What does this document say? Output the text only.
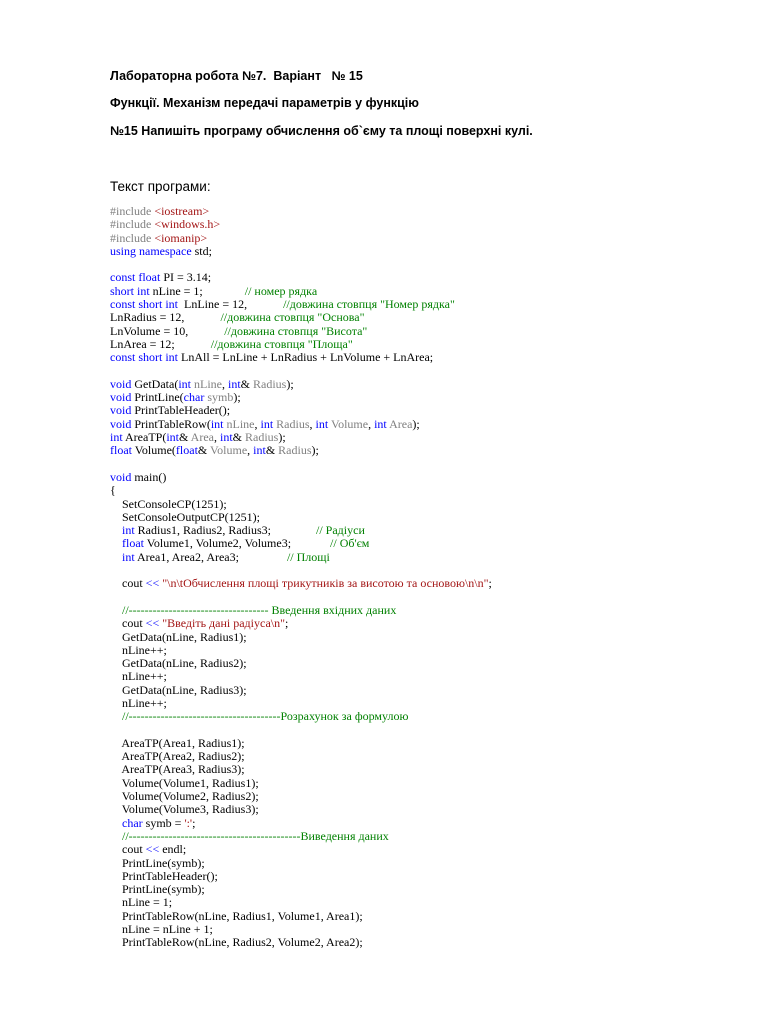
Лабораторна робота №7.  Варіант   № 15
Функції. Механізм передачі параметрів у функцію
№15 Напишіть програму обчислення об`єму та площі поверхні кулі.
Текст програми:
#include <iostream>
#include <windows.h>
#include <iomanip>
using namespace std;
const float PI = 3.14;
short int nLine = 1;              // номер рядка
const short int  LnLine = 12,            //довжина стовпця "Номер рядка"
LnRadius = 12,            //довжина стовпця "Основа"
LnVolume = 10,            //довжина стовпця "Висота"
LnArea = 12;            //довжина стовпця "Площа"
const short int LnAll = LnLine + LnRadius + LnVolume + LnArea;
void GetData(int nLine, int& Radius);
void PrintLine(char symb);
void PrintTableHeader();
void PrintTableRow(int nLine, int Radius, int Volume, int Area);
int AreaTP(int& Area, int& Radius);
float Volume(float& Volume, int& Radius);
void main()
{
SetConsoleCP(1251);
SetConsoleOutputCP(1251);
int Radius1, Radius2, Radius3;               // Радіуси
float Volume1, Volume2, Volume3;             // Об'єм
int Area1, Area2, Area3;                // Площі
cout << "\n\tОбчислення площі трикутників за висотою та основою\n\n";
//----------------------------------- Введення вхідних даних
cout << "Введіть дані радіуса\n";
GetData(nLine, Radius1);
nLine++;
GetData(nLine, Radius2);
nLine++;
GetData(nLine, Radius3);
nLine++;
//--------------------------------------Розрахунок за формулою
AreaTP(Area1, Radius1);
AreaTP(Area2, Radius2);
AreaTP(Area3, Radius3);
Volume(Volume1, Radius1);
Volume(Volume2, Radius2);
Volume(Volume3, Radius3);
char symb = ':';
//-------------------------------------------Виведення даних
cout << endl;
PrintLine(symb);
PrintTableHeader();
PrintLine(symb);
nLine = 1;
PrintTableRow(nLine, Radius1, Volume1, Area1);
nLine = nLine + 1;
PrintTableRow(nLine, Radius2, Volume2, Area2);
